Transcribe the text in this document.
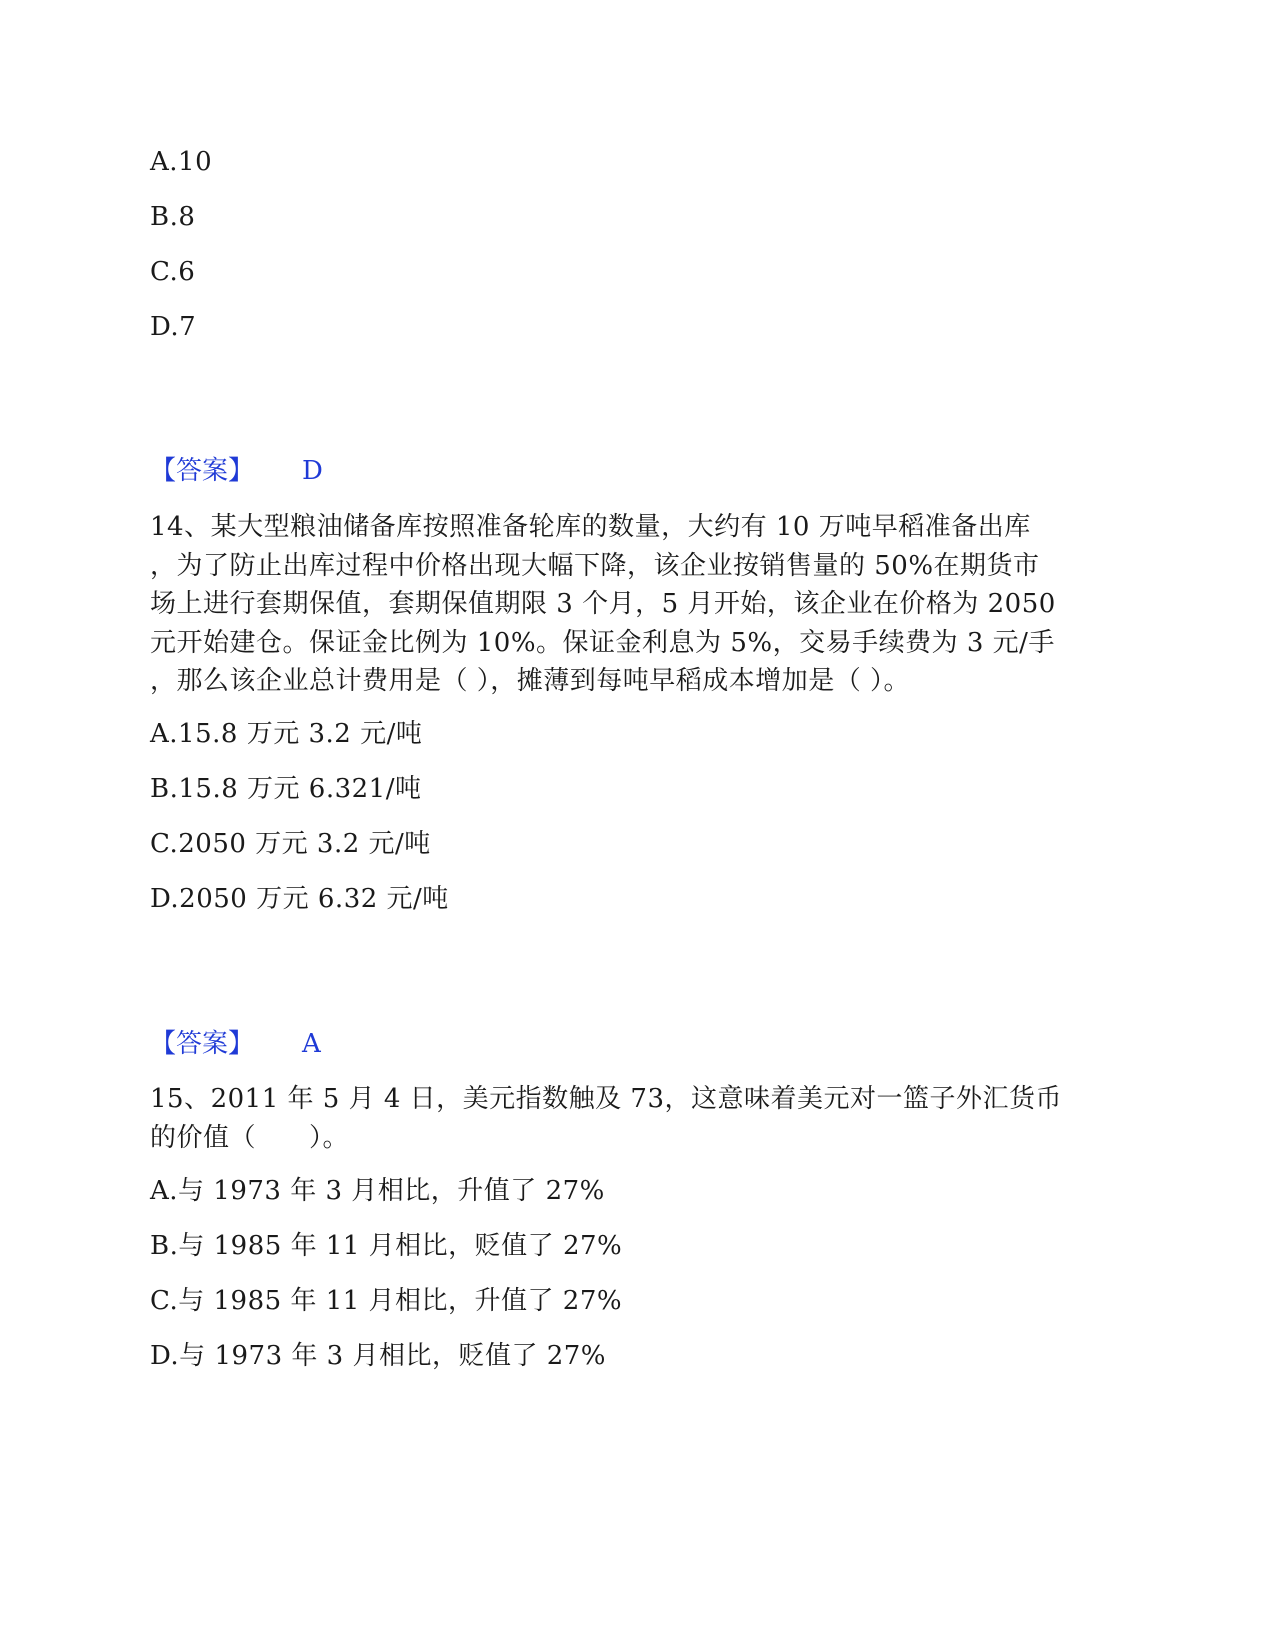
A.10
B.8
C.6
D.7
【答案】 D
14、某大型粮油储备库按照准备轮库的数量，大约有 10 万吨早稻准备出库
，为了防止出库过程中价格出现大幅下降，该企业按销售量的 50%在期货市
场上进行套期保值，套期保值期限 3 个月，5 月开始，该企业在价格为 2050
元开始建仓。保证金比例为 10%。保证金利息为 5%，交易手续费为 3 元/手
，那么该企业总计费用是（ ），摊薄到每吨早稻成本增加是（ ）。
A.15.8 万元 3.2 元/吨
B.15.8 万元 6.321/吨
C.2050 万元 3.2 元/吨
D.2050 万元 6.32 元/吨
【答案】 A
15、2011 年 5 月 4 日，美元指数触及 73，这意味着美元对一篮子外汇货币
的价值（　　）。
A.与 1973 年 3 月相比，升值了 27%
B.与 1985 年 11 月相比，贬值了 27%
C.与 1985 年 11 月相比，升值了 27%
D.与 1973 年 3 月相比，贬值了 27%
